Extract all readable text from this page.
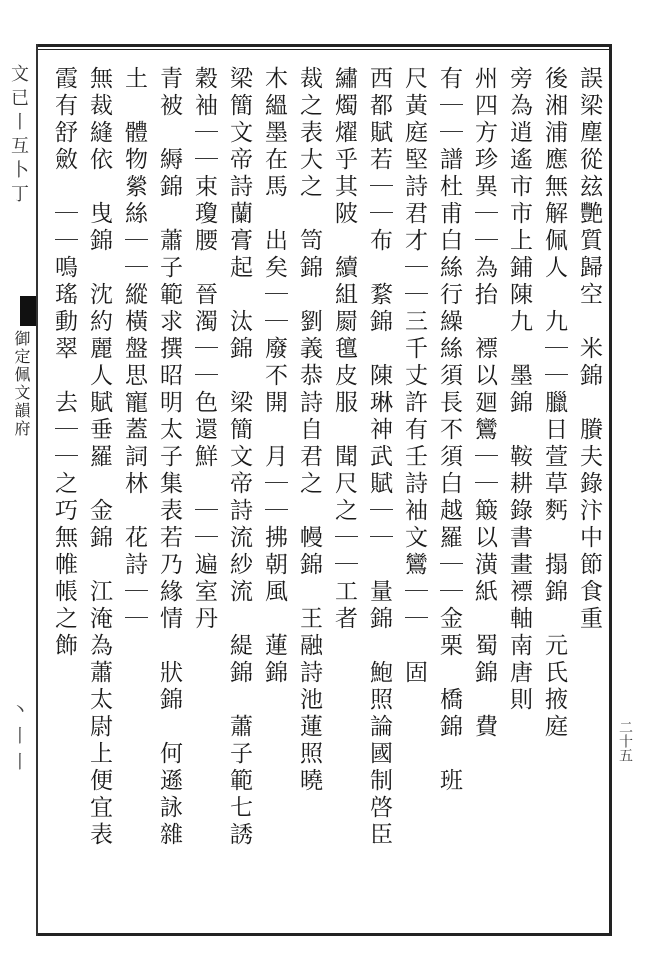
文已丨互卜丁
御定佩文韻府
丶丨丨	二十五
誤梁塵從玆艷質歸空　米錦　賸夫錄汴中節食重
後湘浦應無解佩人　九｜｜臘日萱草麫　搨錦　元氏掖庭
旁為逍遙市市上鋪陳九　墨錦　鞍耕錄書畫褾軸南唐則
州四方珍異｜｜為抬　褾以廻鸞｜｜簸以潢紙　蜀錦　費
有｜｜譜杜甫白絲行繰絲須長不須白越羅｜｜金栗　橋錦　班
尺黃庭堅詩君才｜｜三千丈許有壬詩袖文鸞｜｜　固
西都賦若｜｜布　䋷錦　陳琳神武賦｜｜　量錦　鮑照論國制啓臣
繡燭燿乎其陂　續組罽氊皮服　聞尺之｜｜工者
裁之表大之　笥錦　劉義恭詩自君之　幔錦　王融詩池蓮照曉
木縕墨在馬　出矣｜｜廢不開　月｜｜拂朝風　蓮錦
梁簡文帝詩蘭膏起　汰錦　梁簡文帝詩流紗流　緹錦　蕭子範七誘
穀袖｜｜束瓊腰　晉濁｜｜色還鮮　｜｜遍室丹
青被　縟錦　蕭子範求撰昭明太子集表若乃緣情　狀錦　何遜詠雜
土　體物縈絲｜｜縱橫盤思寵蓋詞林　花詩｜｜
無裁縫依　曳錦　沈約麗人賦垂羅　金錦　江淹為蕭太尉上便宜表
霞有舒斂　｜｜鳴瑤動翠　去｜｜之巧無帷帳之飾
